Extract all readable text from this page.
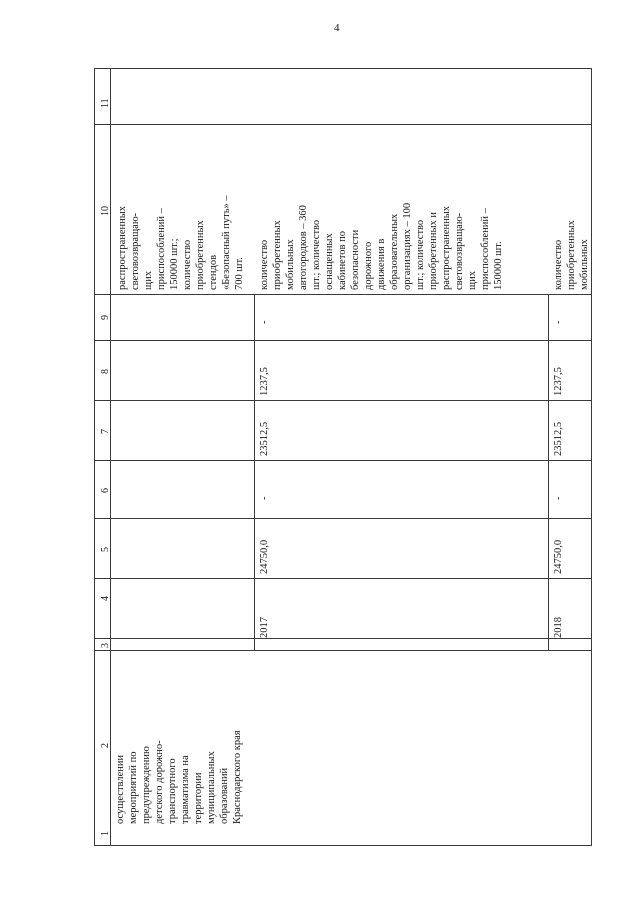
4
1
2
3
4
5
6
7
8
9
10
11
осуществлении мероприятий по предупреждению детского дорожно- транспортного травматизма на территории муниципальных образований Краснодарского края
распространенных световозвращаю- щих приспособлений – 150000 шт.; количество приобретенных стендов «Безопасный путь» – 700 шт.
2017
24750,0
-
23512,5
1237,5
-
количество приобретенных мобильных автогородков – 360 шт.; количество оснащенных кабинетов по безопасности дорожного движения в образовательных организациях – 100 шт.; количество приобретенных и распространенных световозвращаю- щих приспособлений – 150000 шт.
2018
24750,0
-
23512,5
1237,5
-
количество приобретенных мобильных
